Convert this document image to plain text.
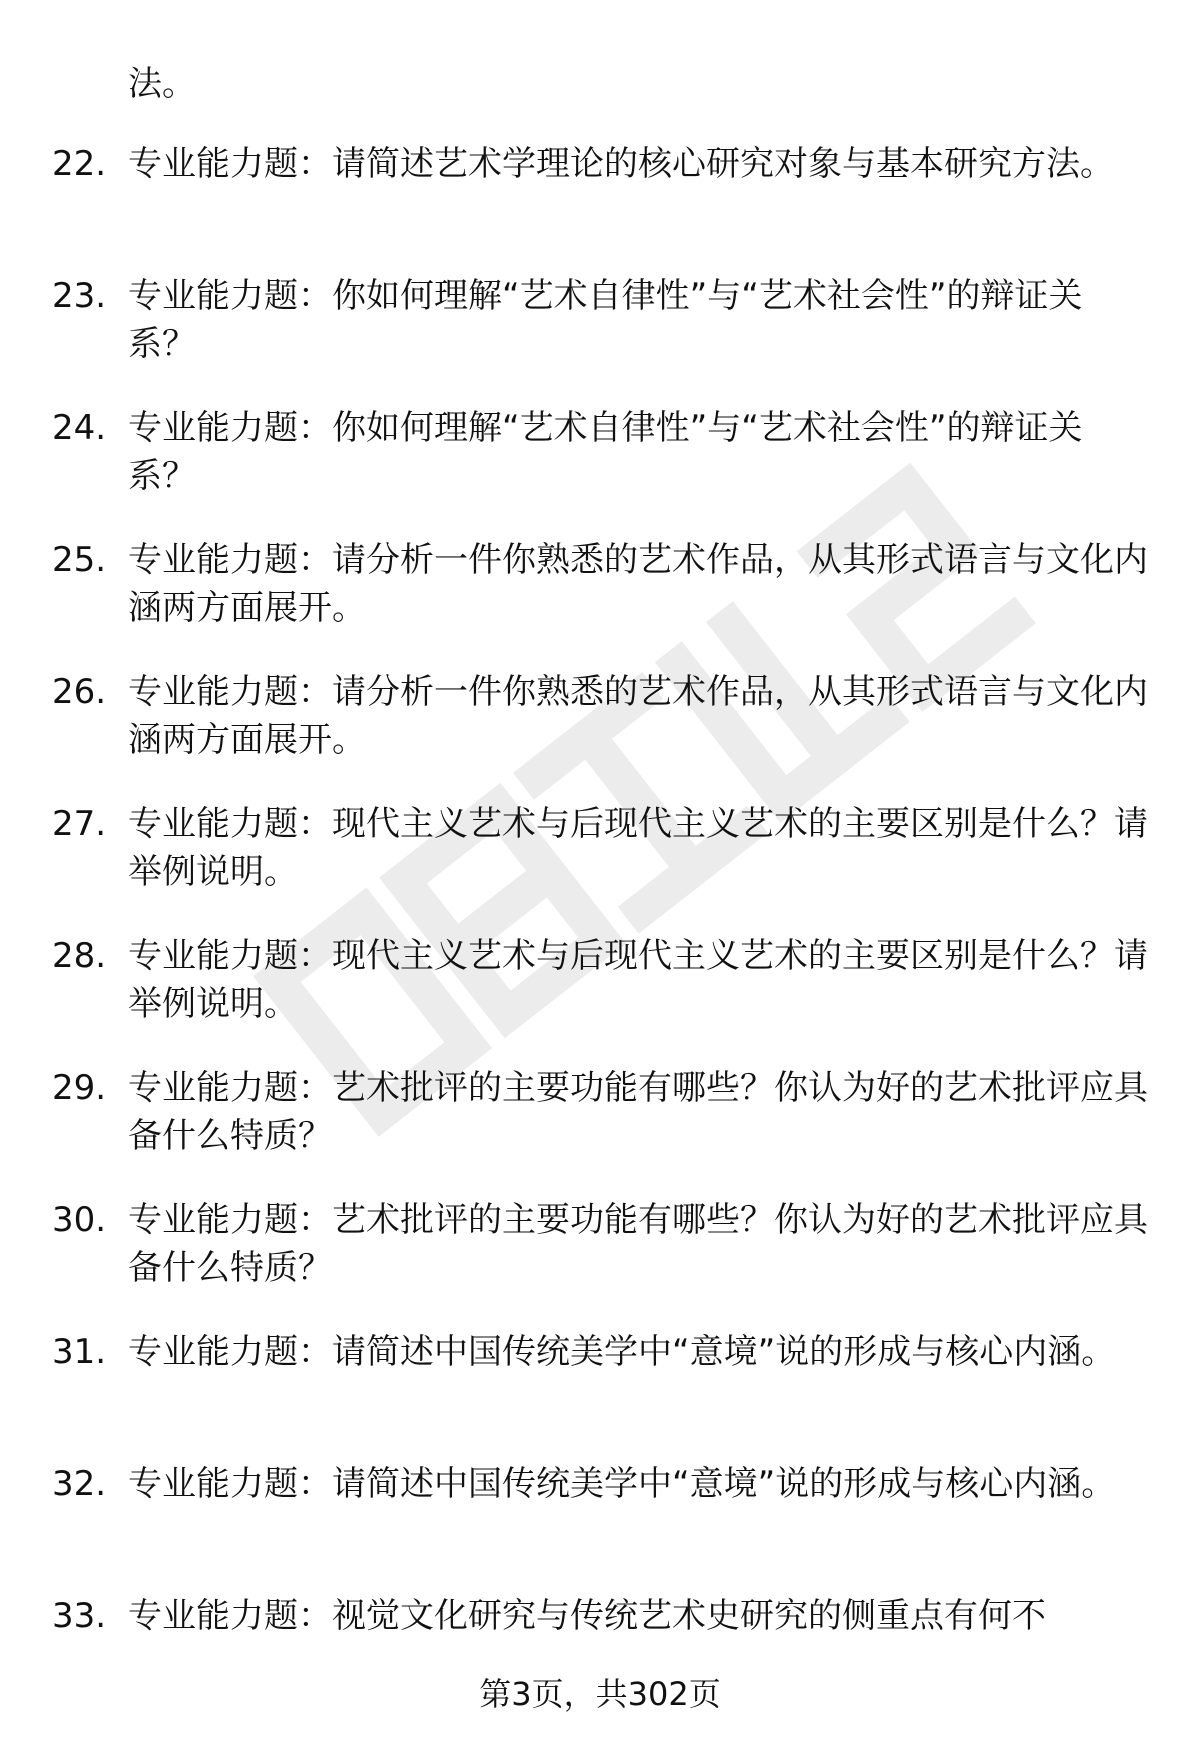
法。
22. 专业能力题：请简述艺术学理论的核心研究对象与基本研究方法。
23. 专业能力题：你如何理解“艺术自律性”与“艺术社会性”的辩证关系？
24. 专业能力题：你如何理解“艺术自律性”与“艺术社会性”的辩证关系？
25. 专业能力题：请分析一件你熟悉的艺术作品，从其形式语言与文化内涵两方面展开。
26. 专业能力题：请分析一件你熟悉的艺术作品，从其形式语言与文化内涵两方面展开。
27. 专业能力题：现代主义艺术与后现代主义艺术的主要区别是什么？请举例说明。
28. 专业能力题：现代主义艺术与后现代主义艺术的主要区别是什么？请举例说明。
29. 专业能力题：艺术批评的主要功能有哪些？你认为好的艺术批评应具备什么特质？
30. 专业能力题：艺术批评的主要功能有哪些？你认为好的艺术批评应具备什么特质？
31. 专业能力题：请简述中国传统美学中“意境”说的形成与核心内涵。
32. 专业能力题：请简述中国传统美学中“意境”说的形成与核心内涵。
33. 专业能力题：视觉文化研究与传统艺术史研究的侧重点有何不
第3页，共302页
